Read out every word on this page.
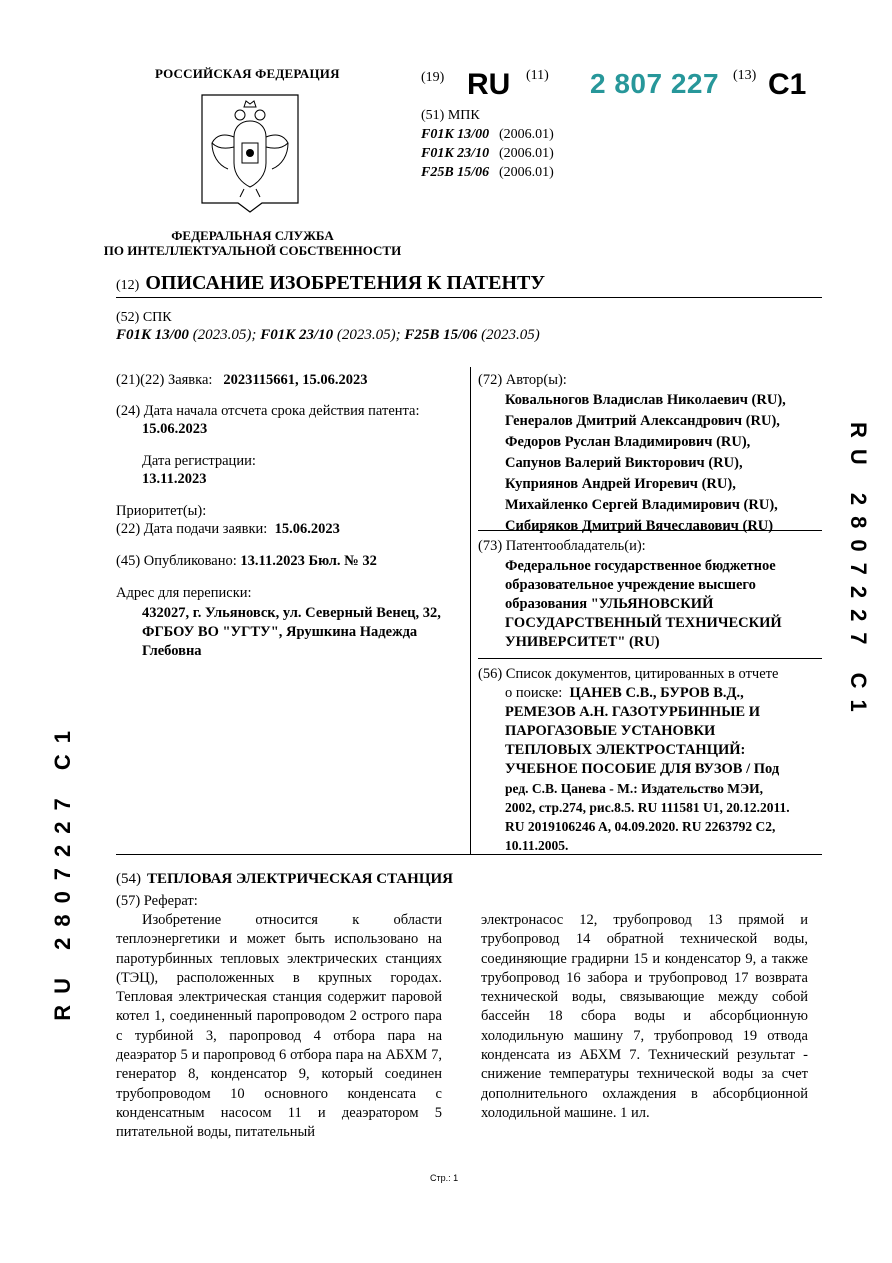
РОССИЙСКАЯ ФЕДЕРАЦИЯ
ФЕДЕРАЛЬНАЯ СЛУЖБА
ПО ИНТЕЛЛЕКТУАЛЬНОЙ СОБСТВЕННОСТИ
(19) RU (11) 2 807 227 (13) C1
(51) МПК
F01K 13/00 (2006.01)
F01K 23/10 (2006.01)
F25B 15/06 (2006.01)
(12) ОПИСАНИЕ ИЗОБРЕТЕНИЯ К ПАТЕНТУ
(52) СПК
F01K 13/00 (2023.05); F01K 23/10 (2023.05); F25B 15/06 (2023.05)
(21)(22) Заявка: 2023115661, 15.06.2023
(24) Дата начала отсчета срока действия патента:
15.06.2023
Дата регистрации:
13.11.2023
Приоритет(ы):
(22) Дата подачи заявки: 15.06.2023
(45) Опубликовано: 13.11.2023 Бюл. № 32
Адрес для переписки:
432027, г. Ульяновск, ул. Северный Венец, 32,
ФГБОУ ВО "УГТУ", Ярушкина Надежда
Глебовна
(72) Автор(ы):
Ковальногов Владислав Николаевич (RU),
Генералов Дмитрий Александрович (RU),
Федоров Руслан Владимирович (RU),
Сапунов Валерий Викторович (RU),
Куприянов Андрей Игоревич (RU),
Михайленко Сергей Владимирович (RU),
Сибиряков Дмитрий Вячеславович (RU)
(73) Патентообладатель(и):
Федеральное государственное бюджетное
образовательное учреждение высшего
образования "УЛЬЯНОВСКИЙ
ГОСУДАРСТВЕННЫЙ ТЕХНИЧЕСКИЙ
УНИВЕРСИТЕТ" (RU)
(56) Список документов, цитированных в отчете
о поиске: ЦАНЕВ С.В., БУРОВ В.Д.,
РЕМЕЗОВ А.Н. ГАЗОТУРБИННЫЕ И
ПАРОГАЗОВЫЕ УСТАНОВКИ
ТЕПЛОВЫХ ЭЛЕКТРОСТАНЦИЙ:
УЧЕБНОЕ ПОСОБИЕ ДЛЯ ВУЗОВ / Под
ред. С.В. Цанева - М.: Издательство МЭИ,
2002, стр.274, рис.8.5. RU 111581 U1, 20.12.2011.
RU 2019106246 A, 04.09.2020. RU 2263792 C2,
10.11.2005.
(54) ТЕПЛОВАЯ ЭЛЕКТРИЧЕСКАЯ СТАНЦИЯ
(57) Реферат:
Изобретение относится к области теплоэнергетики и может быть использовано на паротурбинных тепловых электрических станциях (ТЭЦ), расположенных в крупных городах. Тепловая электрическая станция содержит паровой котел 1, соединенный паропроводом 2 острого пара с турбиной 3, паропровод 4 отбора пара на деаэратор 5 и паропровод 6 отбора пара на АБХМ 7, генератор 8, конденсатор 9, который соединен трубопроводом 10 основного конденсата с конденсатным насосом 11 и деаэратором 5 питательной воды, питательный
электронасос 12, трубопровод 13 прямой и трубопровод 14 обратной технической воды, соединяющие градирни 15 и конденсатор 9, а также трубопровод 16 забора и трубопровод 17 возврата технической воды, связывающие между собой бассейн 18 сбора воды и абсорбционную холодильную машину 7, трубопровод 19 отвода конденсата из АБХМ 7. Технический результат - снижение температуры технической воды за счет дополнительного охлаждения в абсорбционной холодильной машине. 1 ил.
Стр.: 1
RU 2807227 C1
RU 2807227 C1
